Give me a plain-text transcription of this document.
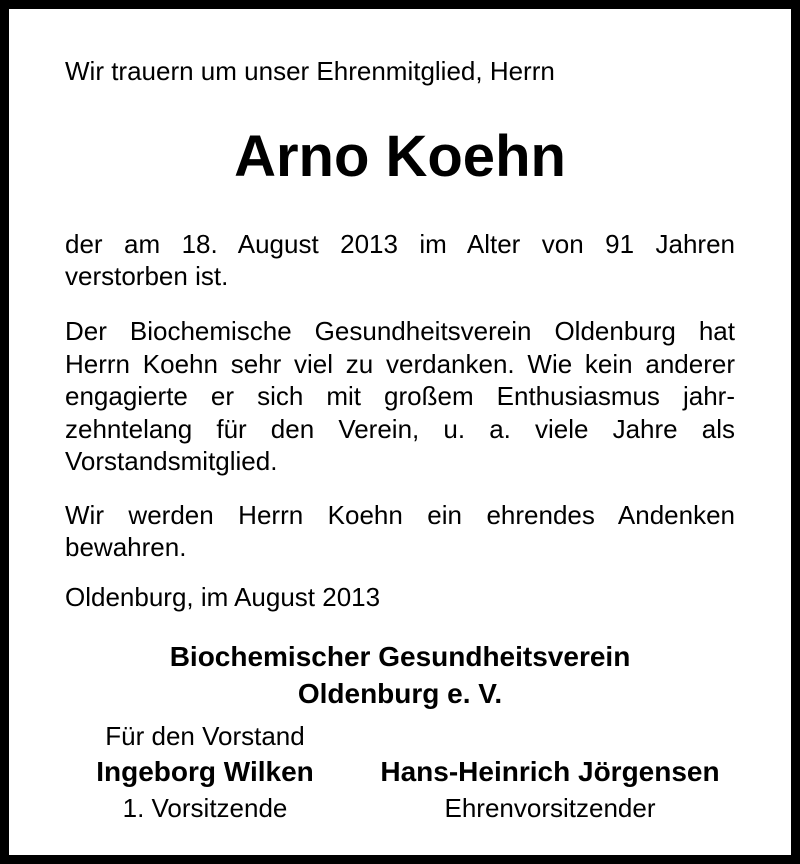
Wir trauern um unser Ehrenmitglied, Herrn
Arno Koehn
der am 18. August 2013 im Alter von 91 Jahren verstorben ist.
Der Biochemische Gesundheitsverein Oldenburg hat Herrn Koehn sehr viel zu verdanken. Wie kein anderer engagierte er sich mit großem Enthusiasmus jahrzehntelang für den Verein, u. a. viele Jahre als Vorstandsmitglied.
Wir werden Herrn Koehn ein ehrendes Andenken bewahren.
Oldenburg, im August 2013
Biochemischer Gesundheitsverein
Oldenburg e. V.
Für den Vorstand
Ingeborg Wilken
1. Vorsitzende
Hans-Heinrich Jörgensen
Ehrenvorsitzender
